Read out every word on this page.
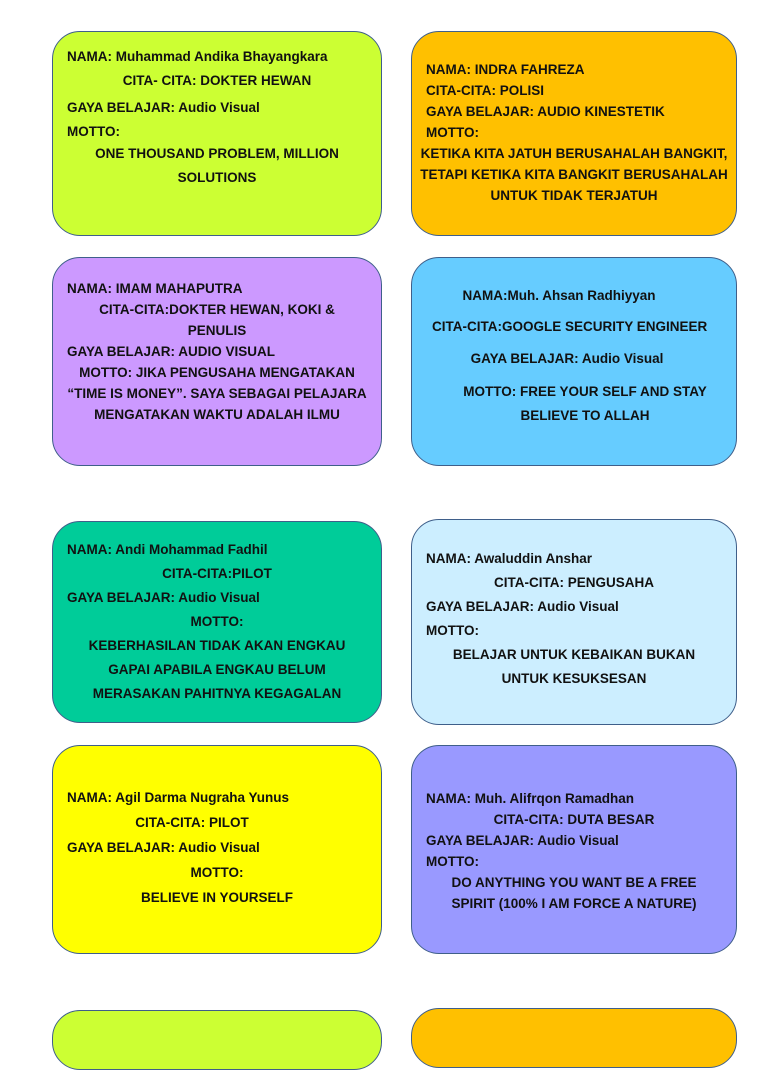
NAMA: Muhammad Andika Bhayangkara
CITA- CITA: DOKTER HEWAN
GAYA BELAJAR: Audio Visual
MOTTO:
ONE THOUSAND PROBLEM, MILLION SOLUTIONS
NAMA: INDRA FAHREZA
CITA-CITA: POLISI
GAYA BELAJAR: AUDIO KINESTETIK
MOTTO:
KETIKA KITA JATUH BERUSAHALAH BANGKIT, TETAPI KETIKA KITA BANGKIT BERUSAHALAH UNTUK TIDAK TERJATUH
NAMA: IMAM MAHAPUTRA
CITA-CITA:DOKTER HEWAN, KOKI & PENULIS
GAYA BELAJAR: AUDIO VISUAL
MOTTO: JIKA PENGUSAHA MENGATAKAN “TIME IS MONEY”. SAYA SEBAGAI PELAJARA MENGATAKAN WAKTU ADALAH ILMU
NAMA:Muh. Ahsan Radhiyyan
CITA-CITA:GOOGLE SECURITY ENGINEER
GAYA BELAJAR: Audio Visual
MOTTO: FREE YOUR SELF AND STAY BELIEVE TO ALLAH
NAMA: Andi Mohammad Fadhil
CITA-CITA:PILOT
GAYA BELAJAR: Audio Visual
MOTTO:
KEBERHASILAN TIDAK AKAN ENGKAU GAPAI APABILA ENGKAU BELUM MERASAKAN PAHITNYA KEGAGALAN
NAMA: Awaluddin Anshar
CITA-CITA: PENGUSAHA
GAYA BELAJAR: Audio Visual
MOTTO:
BELAJAR UNTUK KEBAIKAN BUKAN UNTUK KESUKSESAN
NAMA: Agil Darma Nugraha Yunus
CITA-CITA: PILOT
GAYA BELAJAR: Audio Visual
MOTTO:
BELIEVE IN YOURSELF
NAMA: Muh. Alifrqon Ramadhan
CITA-CITA: DUTA BESAR
GAYA BELAJAR: Audio Visual
MOTTO:
DO ANYTHING YOU WANT BE A FREE SPIRIT (100% I AM FORCE A NATURE)
